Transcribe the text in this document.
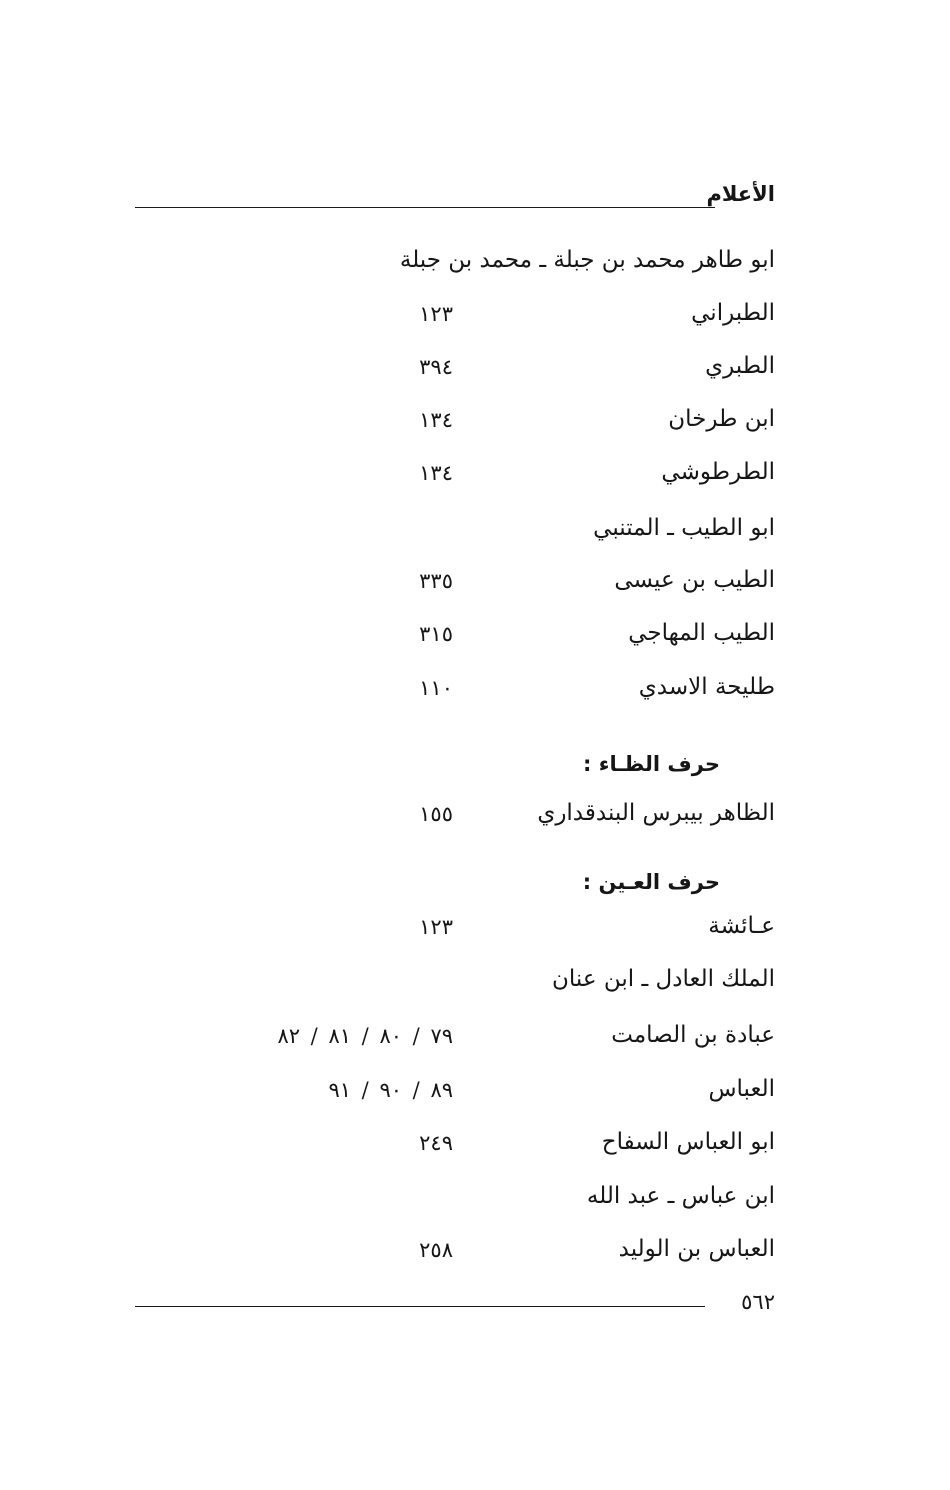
الأعلام
ابو طاهر محمد بن جبلة ـ محمد بن جبلة
الطبراني
١٢٣
الطبري
٣٩٤
ابن طرخان
١٣٤
الطرطوشي
١٣٤
ابو الطيب ـ المتنبي
الطيب بن عيسى
٣٣٥
الطيب المهاجي
٣١٥
طليحة الاسدي
١١٠
حرف الظـاء :
الظاهر بيبرس البندقداري
١٥٥
حرف العـين :
عـائشة
١٢٣
الملك العادل ـ ابن عنان
عبادة بن الصامت
٧٩ / ٨٠ / ٨١ / ٨٢
العباس
٨٩ / ٩٠ / ٩١
ابو العباس السفاح
٢٤٩
ابن عباس ـ عبد الله
العباس بن الوليد
٢٥٨
٥٦٢
